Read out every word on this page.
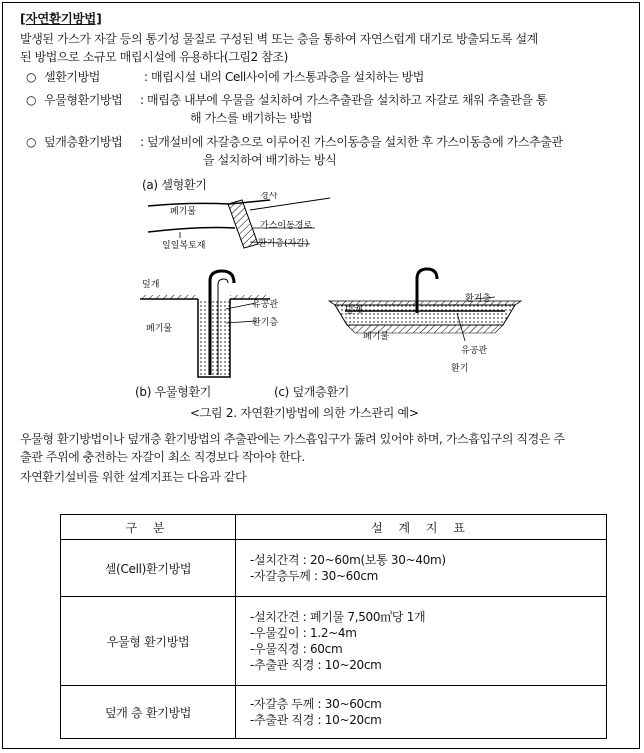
[자연환기방법]
발생된 가스가 자갈 등의 통기성 물질로 구성된 벽 또는 층을 통하여 자연스럽게 대기로 방출되도록 설계
된 방법으로 소규모 매립시설에 유용하다(그림2 참조)
○ 셀환기방법	: 매립시설 내의 Cell사이에 가스통과층을 설치하는 방법
○ 우물형환기방법 : 매립층 내부에 우물을 설치하여 가스추출관을 설치하고 자갈로 채워 추출관을 통
해 가스를 배기하는 방법
○ 덮개층환기방법 : 덮개설비에 자갈층으로 이루어진 가스이동층을 설치한 후 가스이동층에 가스추출관
을 설치하여 배기하는 방식
(a) 셀형환기
경사
폐기물
가스이동경로
일일복토재	환기층(자갈)
덮개
유공관
환기층
폐기물
환기층
덮개
폐기물
유공관
환기
(b) 우물형환기	(c) 덮개층환기
<그림 2. 자연환기방법에 의한 가스관리 예>
우물형 환기방법이나 덮개층 환기방법의 추출관에는 가스흡입구가 뚫려 있어야 하며, 가스흡입구의 직경은 주
출관 주위에 충전하는 자갈이 최소 직경보다 작아야 한다.
자연환기설비를 위한 설계지표는 다음과 같다
구 분	설 계 지 표
셀(Cell)환기방법	-설치간격 : 20~60m(보통 30~40m)
-자갈층두께 : 30~60cm

우물형 환기방법	-설치간견 : 폐기물 7,500㎥당 1개
-우물깊이 : 1.2~4m
-우물직경 : 60cm
-추출관 직경 : 10~20cm

덮개 층 환기방법	-자갈층 두께 : 30~60cm
-추출관 직경 : 10~20cm
